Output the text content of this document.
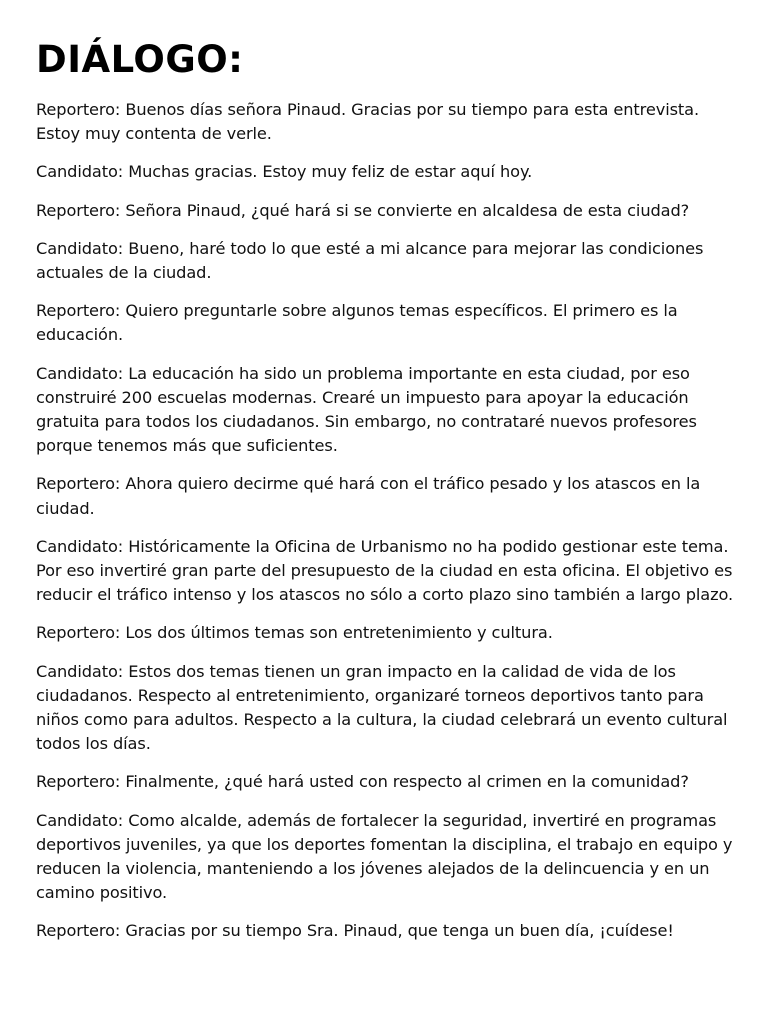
DIÁLOGO:

Reportero: Buenos días señora Pinaud. Gracias por su tiempo para esta entrevista. Estoy muy contenta de verle.

Candidato: Muchas gracias. Estoy muy feliz de estar aquí hoy.

Reportero: Señora Pinaud, ¿qué hará si se convierte en alcaldesa de esta ciudad?

Candidato: Bueno, haré todo lo que esté a mi alcance para mejorar las condiciones actuales de la ciudad.

Reportero: Quiero preguntarle sobre algunos temas específicos. El primero es la educación.

Candidato: La educación ha sido un problema importante en esta ciudad, por eso construiré 200 escuelas modernas. Crearé un impuesto para apoyar la educación gratuita para todos los ciudadanos. Sin embargo, no contrataré nuevos profesores porque tenemos más que suficientes.

Reportero: Ahora quiero decirme qué hará con el tráfico pesado y los atascos en la ciudad.

Candidato: Históricamente la Oficina de Urbanismo no ha podido gestionar este tema. Por eso invertiré gran parte del presupuesto de la ciudad en esta oficina. El objetivo es reducir el tráfico intenso y los atascos no sólo a corto plazo sino también a largo plazo.

Reportero: Los dos últimos temas son entretenimiento y cultura.

Candidato: Estos dos temas tienen un gran impacto en la calidad de vida de los ciudadanos. Respecto al entretenimiento, organizaré torneos deportivos tanto para niños como para adultos. Respecto a la cultura, la ciudad celebrará un evento cultural todos los días.

Reportero: Finalmente, ¿qué hará usted con respecto al crimen en la comunidad?

Candidato: Como alcalde, además de fortalecer la seguridad, invertiré en programas deportivos juveniles, ya que los deportes fomentan la disciplina, el trabajo en equipo y reducen la violencia, manteniendo a los jóvenes alejados de la delincuencia y en un camino positivo.

Reportero: Gracias por su tiempo Sra. Pinaud, que tenga un buen día, ¡cuídese!
